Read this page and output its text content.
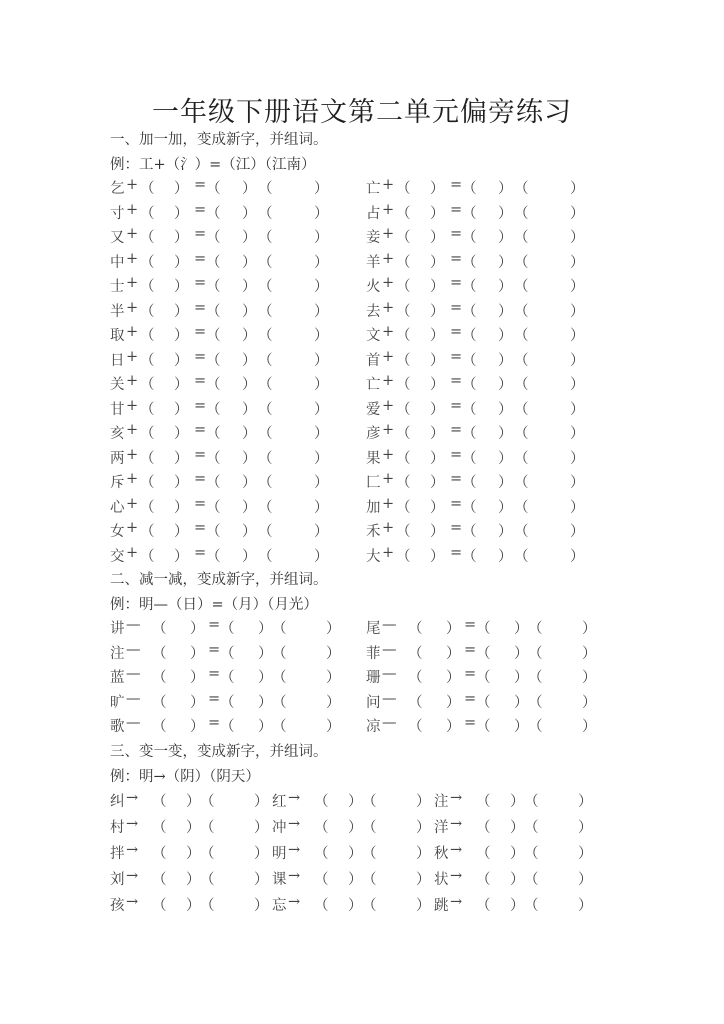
一年级下册语文第二单元偏旁练习
一、加一加，变成新字，并组词。
例：工+（氵）=（江）（江南）
乞 + （ ） = （ ） （	）	亡 + （ ） = （ ） （	）
寸 + （ ） = （ ） （	）	占 + （ ） = （ ） （	）
又 + （ ） = （ ） （	）	妾 + （ ） = （ ） （	）
中 + （ ） = （ ） （	）	羊 + （ ） = （ ） （	）
士 + （ ） = （ ） （	）	火 + （ ） = （ ） （	）
半 + （ ） = （ ） （	）	去 + （ ） = （ ） （	）
取 + （ ） = （ ） （	）	文 + （ ） = （ ） （	）
日 + （ ） = （ ） （	）	首 + （ ） = （ ） （	）
关 + （ ） = （ ） （	）	亡 + （ ） = （ ） （	）
甘 + （ ） = （ ） （	）	爱 + （ ） = （ ） （	）
亥 + （ ） = （ ） （	）	彦 + （ ） = （ ） （	）
两 + （ ） = （ ） （	）	果 + （ ） = （ ） （	）
斥 + （ ） = （ ） （	）	匚 + （ ） = （ ） （	）
心 + （ ） = （ ） （	）	加 + （ ） = （ ） （	）
女 + （ ） = （ ） （	）	禾 + （ ） = （ ） （	）
交 + （ ） = （ ） （	）	大 + （ ） = （ ） （	）
二、减一减，变成新字，并组词。
例：明—（日）=（月）（月光）
讲 — （ ） = （ ） （	） 尾 — （ ） = （ ） （	）
注 — （ ） = （ ） （	） 菲 — （ ） = （ ） （	）
蓝 — （ ） = （ ） （	） 珊 — （ ） = （ ） （	）
旷 — （ ） = （ ） （	） 问 — （ ） = （ ） （	）
歌 — （ ） = （ ） （	） 凉 — （ ） = （ ） （	）
三、变一变，变成新字，并组词。
例：明→（阴）（阴天）
纠 → （ ） （	） 红 → （ ） （	） 注 → （ ） （	）
村 → （ ） （	） 冲 → （ ） （	） 洋 → （ ） （	）
拌 → （ ） （	） 明 → （ ） （	） 秋 → （ ） （	）
刘 → （ ） （	） 课 → （ ） （	） 状 → （ ） （	）
孩 → （ ） （	） 忘 → （ ） （	） 跳 → （ ） （	）
